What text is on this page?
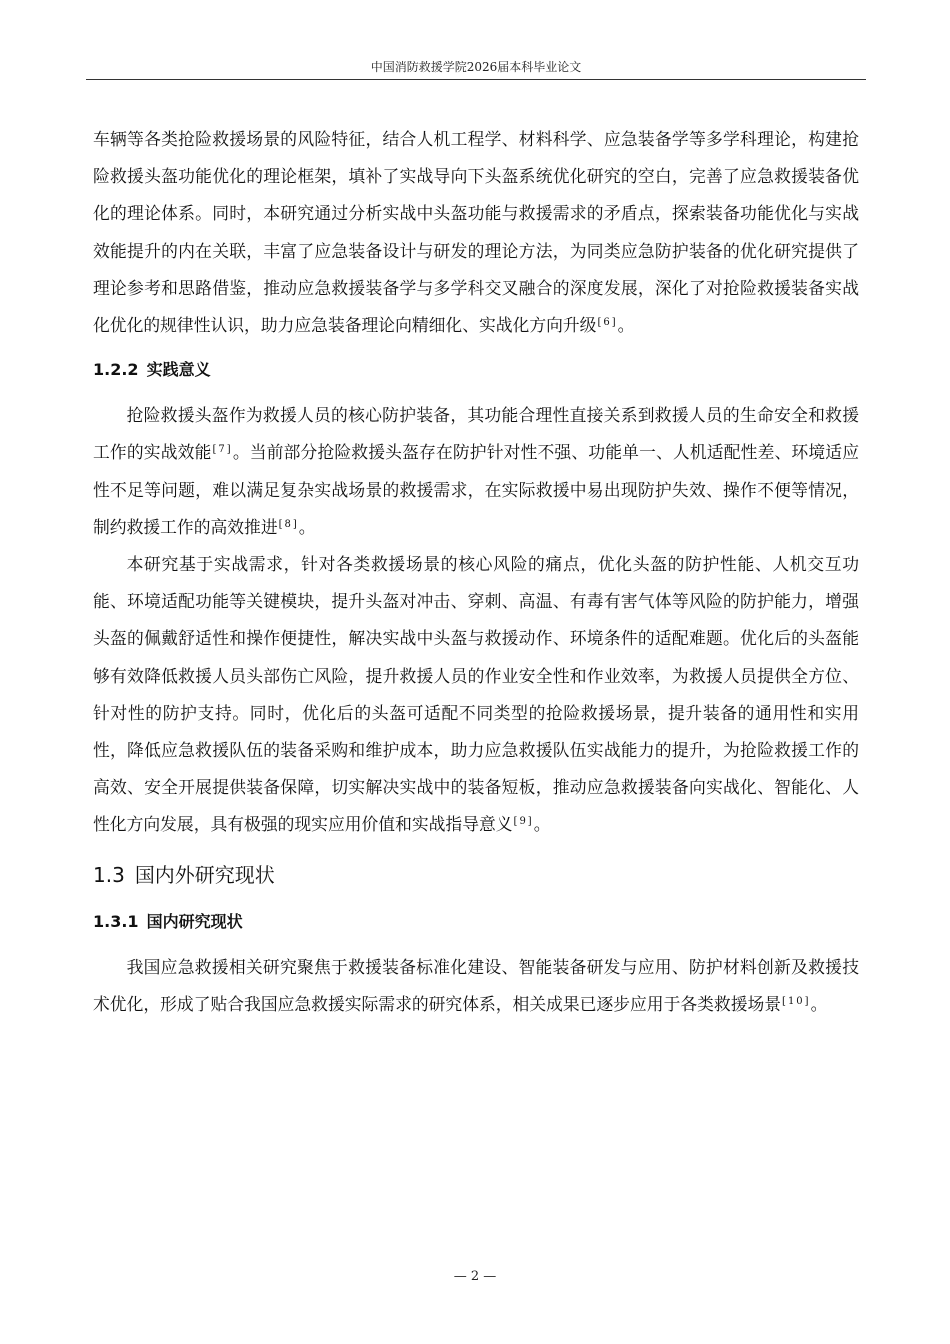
中国消防救援学院2026届本科毕业论文

车辆等各类抢险救援场景的风险特征，结合人机工程学、材料科学、应急装备学等多学科理论，构建抢险救援头盔功能优化的理论框架，填补了实战导向下头盔系统优化研究的空白，完善了应急救援装备优化的理论体系。同时，本研究通过分析实战中头盔功能与救援需求的矛盾点，探索装备功能优化与实战效能提升的内在关联，丰富了应急装备设计与研发的理论方法，为同类应急防护装备的优化研究提供了理论参考和思路借鉴，推动应急救援装备学与多学科交叉融合的深度发展，深化了对抢险救援装备实战化优化的规律性认识，助力应急装备理论向精细化、实战化方向升级[6]。

1.2.2 实践意义

抢险救援头盔作为救援人员的核心防护装备，其功能合理性直接关系到救援人员的生命安全和救援工作的实战效能[7]。当前部分抢险救援头盔存在防护针对性不强、功能单一、人机适配性差、环境适应性不足等问题，难以满足复杂实战场景的救援需求，在实际救援中易出现防护失效、操作不便等情况，制约救援工作的高效推进[8]。

本研究基于实战需求，针对各类救援场景的核心风险的痛点，优化头盔的防护性能、人机交互功能、环境适配功能等关键模块，提升头盔对冲击、穿刺、高温、有毒有害气体等风险的防护能力，增强头盔的佩戴舒适性和操作便捷性，解决实战中头盔与救援动作、环境条件的适配难题。优化后的头盔能够有效降低救援人员头部伤亡风险，提升救援人员的作业安全性和作业效率，为救援人员提供全方位、针对性的防护支持。同时，优化后的头盔可适配不同类型的抢险救援场景，提升装备的通用性和实用性，降低应急救援队伍的装备采购和维护成本，助力应急救援队伍实战能力的提升，为抢险救援工作的高效、安全开展提供装备保障，切实解决实战中的装备短板，推动应急救援装备向实战化、智能化、人性化方向发展，具有极强的现实应用价值和实战指导意义[9]。

1.3 国内外研究现状
1.3.1 国内研究现状

我国应急救援相关研究聚焦于救援装备标准化建设、智能装备研发与应用、防护材料创新及救援技术优化，形成了贴合我国应急救援实际需求的研究体系，相关成果已逐步应用于各类救援场景[10]。

— 2 —
